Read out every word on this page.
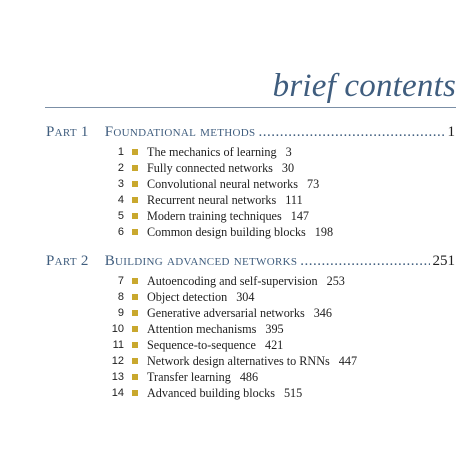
brief contents
Part 1 Foundational methods .....	1
1 The mechanics of learning 3
2 Fully connected networks 30
3 Convolutional neural networks 73
4 Recurrent neural networks 111
5 Modern training techniques 147
6 Common design building blocks 198
Part 2 Building advanced networks .....	251
7 Autoencoding and self-supervision 253
8 Object detection 304
9 Generative adversarial networks 346
10 Attention mechanisms 395
11 Sequence-to-sequence 421
12 Network design alternatives to RNNs 447
13 Transfer learning 486
14 Advanced building blocks 515
